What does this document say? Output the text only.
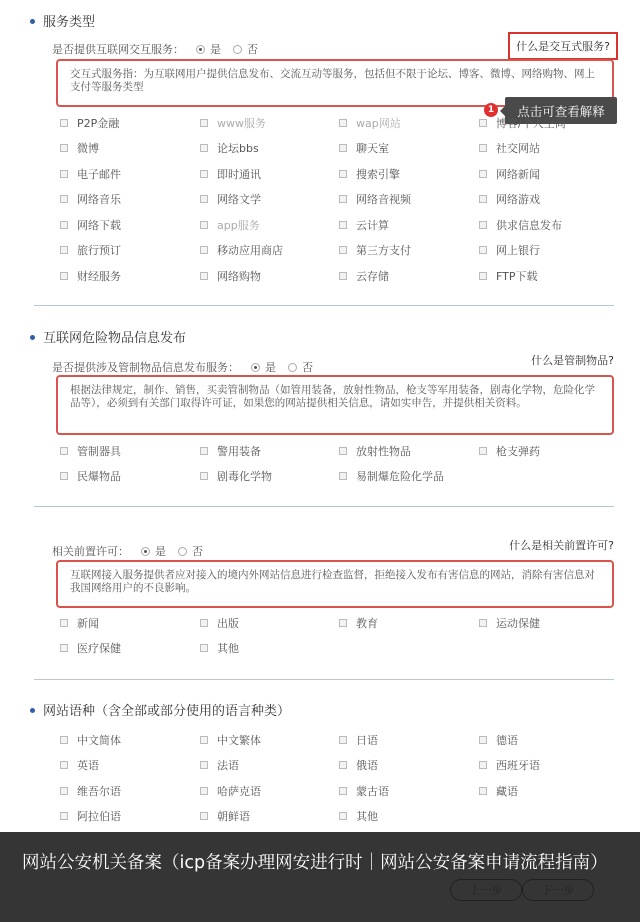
服务类型
是否提供互联网交互服务： 是 否	什么是交互式服务?
交互式服务指：为互联网用户提供信息发布、交流互动等服务，包括但不限于论坛、博客、微博、网络购物、网上支付等服务类型
1	点击可查看解释
P2P金融	www服务	wap网站	博客/个人空间
微博	论坛bbs	聊天室	社交网站
电子邮件	即时通讯	搜索引擎	网络新闻
网络音乐	网络文学	网络音视频	网络游戏
网络下载	app服务	云计算	供求信息发布
旅行预订	移动应用商店	第三方支付	网上银行
财经服务	网络购物	云存储	FTP下载
互联网危险物品信息发布
是否提供涉及管制物品信息发布服务： 是 否
什么是管制物品?
根据法律规定，制作、销售，买卖管制物品（如管用装备，放射性物品，枪支等军用装备，剧毒化学物，危险化学品等），必须到有关部门取得许可证，如果您的网站提供相关信息，请如实申告，并提供相关资料。
管制器具	警用装备	放射性物品	枪支弹药
民爆物品	剧毒化学物	易制爆危险化学品
相关前置许可： 是 否	什么是相关前置许可?
互联网接入服务提供者应对接入的境内外网站信息进行检查监督，拒绝接入发布有害信息的网站，消除有害信息对我国网络用户的不良影响。
新闻	出版	教育	运动保健
医疗保健	其他
网站语种（含全部或部分使用的语言种类）
中文简体	中文繁体	日语	德语
英语	法语	俄语	西班牙语
维吾尔语	哈萨克语	蒙古语	藏语
阿拉伯语	朝鲜语	其他
网站公安机关备案（icp备案办理网安进行时｜网站公安备案申请流程指南）
